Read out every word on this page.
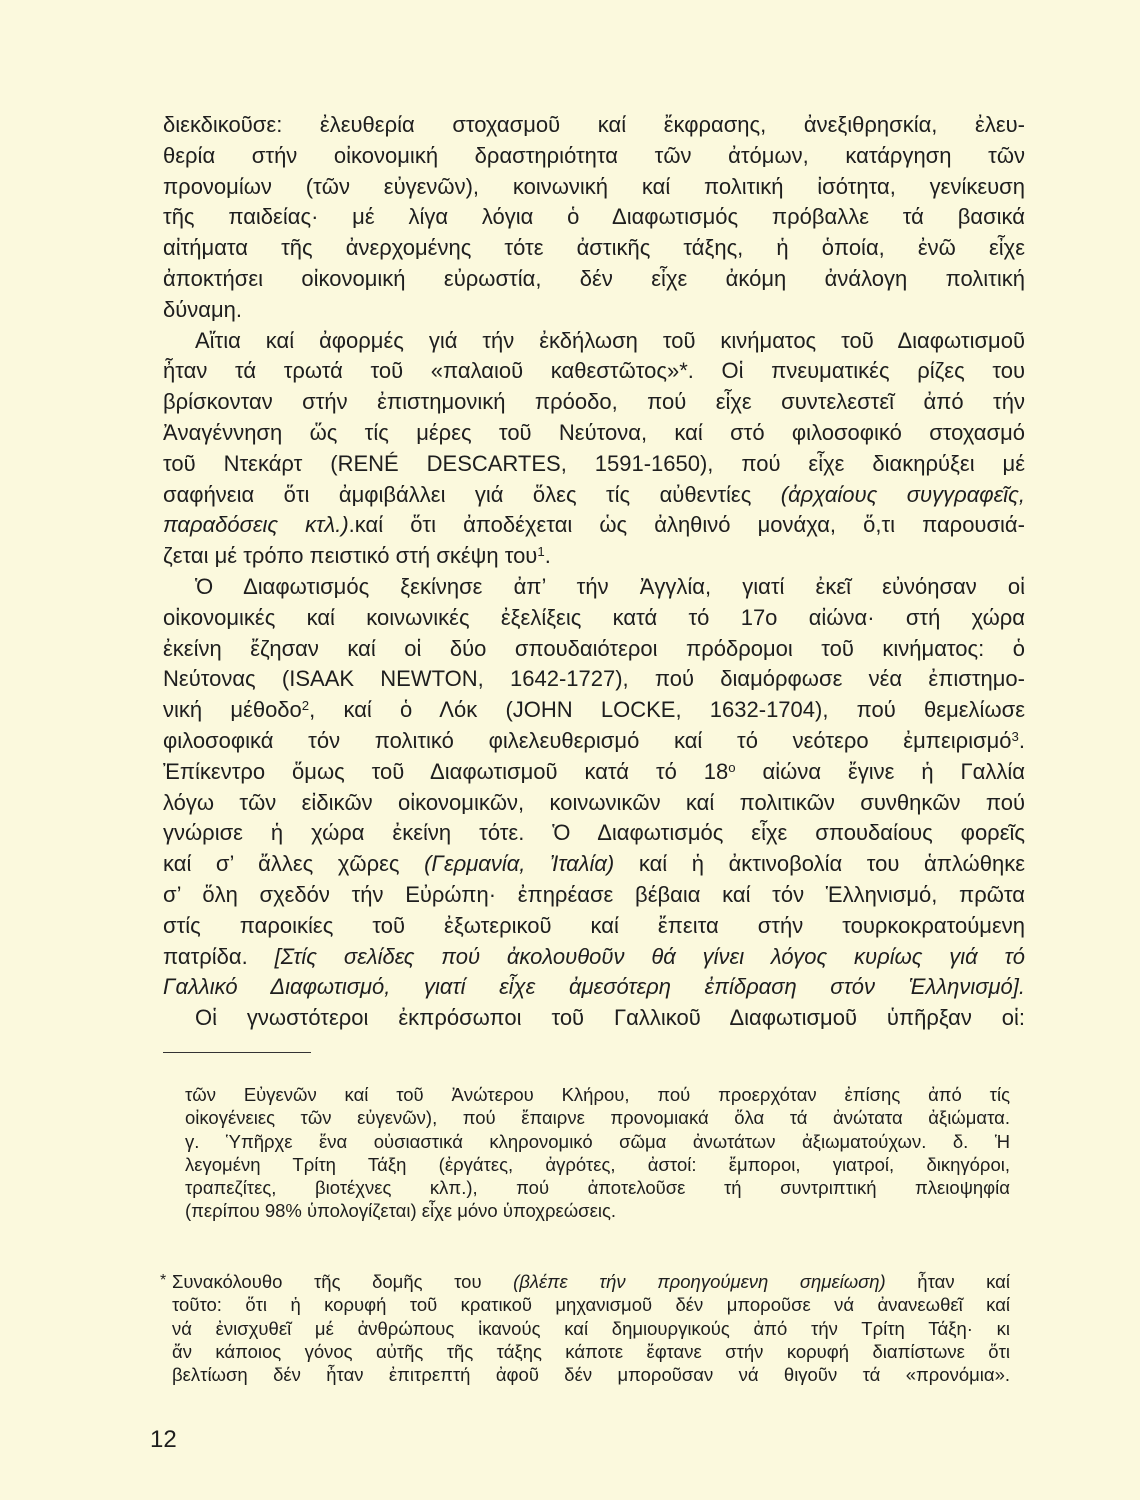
διεκδικοῦσε: ἐλευθερία στοχασμοῦ καί ἔκφρασης, ἀνεξιθρησκία, ἐλευ-
θερία στήν οἰκονομική δραστηριότητα τῶν ἀτόμων, κατάργηση τῶν
προνομίων (τῶν εὐγενῶν), κοινωνική καί πολιτική ἰσότητα, γενίκευση
τῆς παιδείας· μέ λίγα λόγια ὁ Διαφωτισμός πρόβαλλε τά βασικά
αἰτήματα τῆς ἀνερχομένης τότε ἀστικῆς τάξης, ἡ ὁποία, ἐνῶ εἶχε
ἀποκτήσει οἰκονομική εὐρωστία, δέν εἶχε ἀκόμη ἀνάλογη πολιτική
δύναμη.
Αἴτια καί ἀφορμές γιά τήν ἐκδήλωση τοῦ κινήματος τοῦ Διαφωτισμοῦ
ἦταν τά τρωτά τοῦ «παλαιοῦ καθεστῶτος»*. Οἱ πνευματικές ρίζες του
βρίσκονταν στήν ἐπιστημονική πρόοδο, πού εἶχε συντελεστεῖ ἀπό τήν
Ἀναγέννηση ὥς τίς μέρες τοῦ Νεύτονα, καί στό φιλοσοφικό στοχασμό
τοῦ Ντεκάρτ (RENÉ DESCARTES, 1591-1650), πού εἶχε διακηρύξει μέ
σαφήνεια ὅτι ἀμφιβάλλει γιά ὅλες τίς αὐθεντίες (ἀρχαίους συγγραφεῖς,
παραδόσεις κτλ.).καί ὅτι ἀποδέχεται ὡς ἀληθινό μονάχα, ὅ,τι παρουσιά-
ζεται μέ τρόπο πειστικό στή σκέψη του$^1$.
Ὁ Διαφωτισμός ξεκίνησε ἀπ’ τήν Ἀγγλία, γιατί ἐκεῖ εὐνόησαν οἱ
οἰκονομικές καί κοινωνικές ἐξελίξεις κατά τό 17ο αἰώνα· στή χώρα
ἐκείνη ἔζησαν καί οἱ δύο σπουδαιότεροι πρόδρομοι τοῦ κινήματος: ὁ
Νεύτονας (ISAAK NEWTON, 1642-1727), πού διαμόρφωσε νέα ἐπιστημο-
νική μέθοδο$^2$, καί ὁ Λόκ (JOHN LOCKE, 1632-1704), πού θεμελίωσε
φιλοσοφικά τόν πολιτικό φιλελευθερισμό καί τό νεότερο ἐμπειρισμό$^3$.
Ἐπίκεντρο ὅμως τοῦ Διαφωτισμοῦ κατά τό 18$^o$ αἰώνα ἔγινε ἡ Γαλλία
λόγω τῶν εἰδικῶν οἰκονομικῶν, κοινωνικῶν καί πολιτικῶν συνθηκῶν πού
γνώρισε ἡ χώρα ἐκείνη τότε. Ὁ Διαφωτισμός εἶχε σπουδαίους φορεῖς
καί σ’ ἄλλες χῶρες (Γερμανία, Ἰταλία) καί ἡ ἀκτινοβολία του ἁπλώθηκε
σ’ ὅλη σχεδόν τήν Εὐρώπη· ἐπηρέασε βέβαια καί τόν Ἑλληνισμό, πρῶτα
στίς παροικίες τοῦ ἐξωτερικοῦ καί ἔπειτα στήν τουρκοκρατούμενη
πατρίδα. [Στίς σελίδες πού ἀκολουθοῦν θά γίνει λόγος κυρίως γιά τό
Γαλλικό Διαφωτισμό, γιατί εἶχε ἀμεσότερη ἐπίδραση στόν Ἑλληνισμό].
Οἱ γνωστότεροι ἐκπρόσωποι τοῦ Γαλλικοῦ Διαφωτισμοῦ ὑπῆρξαν οἱ:
τῶν Εὐγενῶν καί τοῦ Ἀνώτερου Κλήρου, πού προερχόταν ἐπίσης ἀπό τίς
οἰκογένειες τῶν εὐγενῶν), πού ἔπαιρνε προνομιακά ὅλα τά ἀνώτατα ἀξιώματα.
γ. Ὑπῆρχε ἕνα οὐσιαστικά κληρονομικό σῶμα ἀνωτάτων ἀξιωματούχων. δ. Ἡ
λεγομένη Τρίτη Τάξη (ἐργάτες, ἀγρότες, ἀστοί: ἔμποροι, γιατροί, δικηγόροι,
τραπεζίτες, βιοτέχνες κλπ.), πού ἀποτελοῦσε τή συντριπτική πλειοψηφία
(περίπου 98% ὑπολογίζεται) εἶχε μόνο ὑποχρεώσεις.
* Συνακόλουθο τῆς δομῆς του (βλέπε τήν προηγούμενη σημείωση) ἦταν καί
τοῦτο: ὅτι ἡ κορυφή τοῦ κρατικοῦ μηχανισμοῦ δέν μποροῦσε νά ἀνανεωθεῖ καί
νά ἐνισχυθεῖ μέ ἀνθρώπους ἱκανούς καί δημιουργικούς ἀπό τήν Τρίτη Τάξη· κι
ἄν κάποιος γόνος αὐτῆς τῆς τάξης κάποτε ἔφτανε στήν κορυφή διαπίστωνε ὅτι
βελτίωση δέν ἦταν ἐπιτρεπτή ἀφοῦ δέν μποροῦσαν νά θιγοῦν τά «προνόμια».
12
